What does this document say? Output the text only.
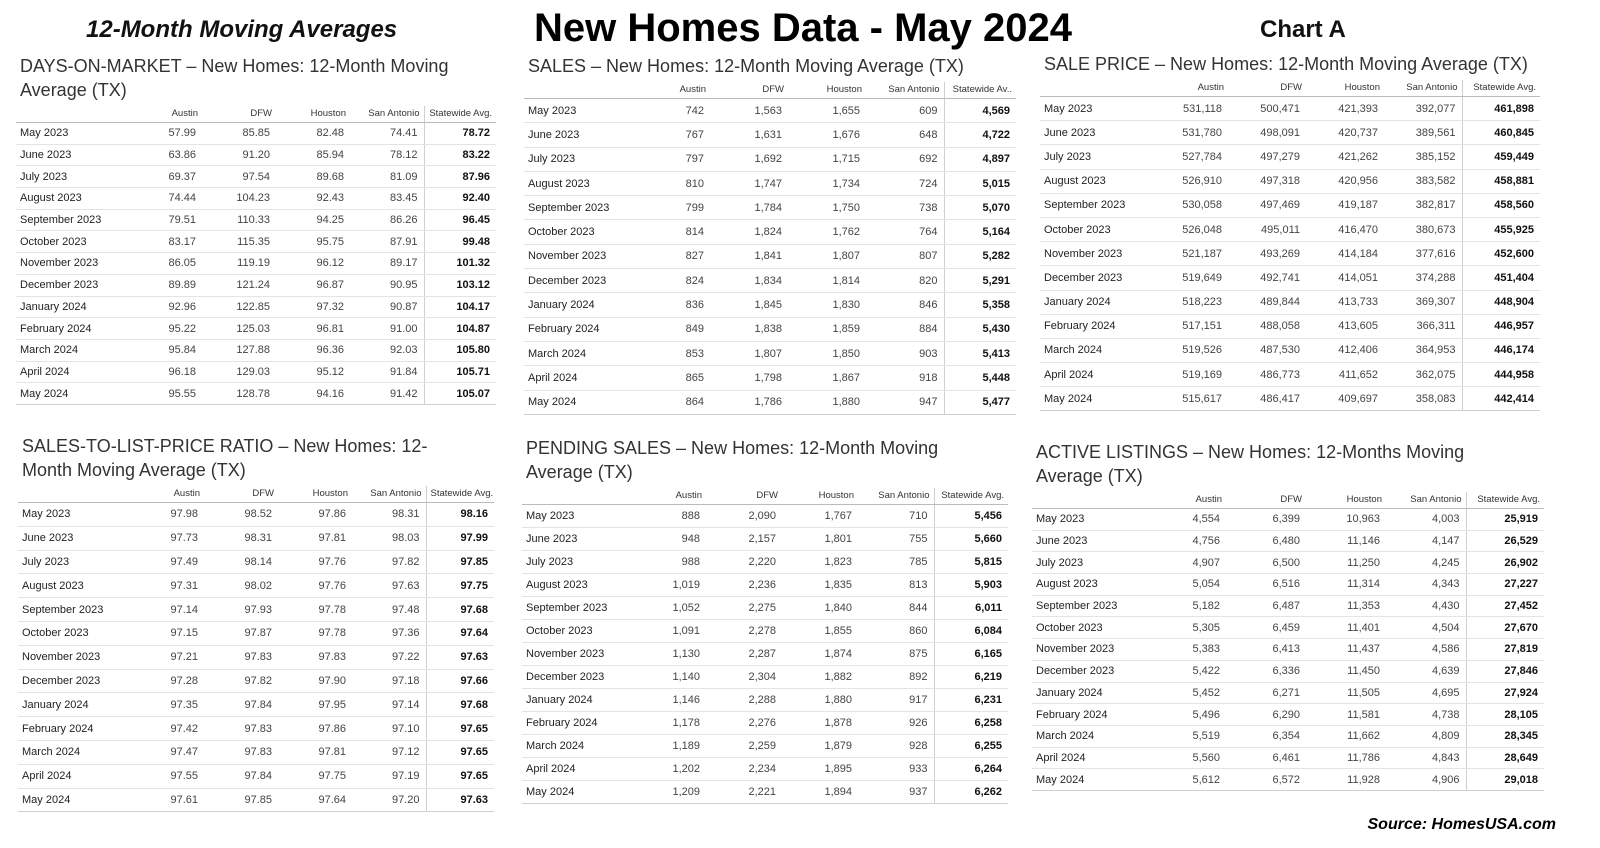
12-Month Moving Averages	New Homes Data - May 2024	Chart A
DAYS-ON-MARKET – New Homes: 12-Month Moving Average (TX)
	Austin	DFW	Houston	San Antonio	Statewide Avg.
May 2023	57.99	85.85	82.48	74.41	78.72
June 2023	63.86	91.20	85.94	78.12	83.22
July 2023	69.37	97.54	89.68	81.09	87.96
August 2023	74.44	104.23	92.43	83.45	92.40
September 2023	79.51	110.33	94.25	86.26	96.45
October 2023	83.17	115.35	95.75	87.91	99.48
November 2023	86.05	119.19	96.12	89.17	101.32
December 2023	89.89	121.24	96.87	90.95	103.12
January 2024	92.96	122.85	97.32	90.87	104.17
February 2024	95.22	125.03	96.81	91.00	104.87
March 2024	95.84	127.88	96.36	92.03	105.80
April 2024	96.18	129.03	95.12	91.84	105.71
May 2024	95.55	128.78	94.16	91.42	105.07
SALES – New Homes: 12-Month Moving Average (TX)
	Austin	DFW	Houston	San Antonio	Statewide Av..
May 2023	742	1,563	1,655	609	4,569
June 2023	767	1,631	1,676	648	4,722
July 2023	797	1,692	1,715	692	4,897
August 2023	810	1,747	1,734	724	5,015
September 2023	799	1,784	1,750	738	5,070
October 2023	814	1,824	1,762	764	5,164
November 2023	827	1,841	1,807	807	5,282
December 2023	824	1,834	1,814	820	5,291
January 2024	836	1,845	1,830	846	5,358
February 2024	849	1,838	1,859	884	5,430
March 2024	853	1,807	1,850	903	5,413
April 2024	865	1,798	1,867	918	5,448
May 2024	864	1,786	1,880	947	5,477
SALE PRICE – New Homes: 12-Month Moving Average (TX)
	Austin	DFW	Houston	San Antonio	Statewide Avg.
May 2023	531,118	500,471	421,393	392,077	461,898
June 2023	531,780	498,091	420,737	389,561	460,845
July 2023	527,784	497,279	421,262	385,152	459,449
August 2023	526,910	497,318	420,956	383,582	458,881
September 2023	530,058	497,469	419,187	382,817	458,560
October 2023	526,048	495,011	416,470	380,673	455,925
November 2023	521,187	493,269	414,184	377,616	452,600
December 2023	519,649	492,741	414,051	374,288	451,404
January 2024	518,223	489,844	413,733	369,307	448,904
February 2024	517,151	488,058	413,605	366,311	446,957
March 2024	519,526	487,530	412,406	364,953	446,174
April 2024	519,169	486,773	411,652	362,075	444,958
May 2024	515,617	486,417	409,697	358,083	442,414
SALES-TO-LIST-PRICE RATIO – New Homes: 12-Month Moving Average (TX)
	Austin	DFW	Houston	San Antonio	Statewide Avg.
May 2023	97.98	98.52	97.86	98.31	98.16
June 2023	97.73	98.31	97.81	98.03	97.99
July 2023	97.49	98.14	97.76	97.82	97.85
August 2023	97.31	98.02	97.76	97.63	97.75
September 2023	97.14	97.93	97.78	97.48	97.68
October 2023	97.15	97.87	97.78	97.36	97.64
November 2023	97.21	97.83	97.83	97.22	97.63
December 2023	97.28	97.82	97.90	97.18	97.66
January 2024	97.35	97.84	97.95	97.14	97.68
February 2024	97.42	97.83	97.86	97.10	97.65
March 2024	97.47	97.83	97.81	97.12	97.65
April 2024	97.55	97.84	97.75	97.19	97.65
May 2024	97.61	97.85	97.64	97.20	97.63
PENDING SALES – New Homes: 12-Month Moving Average (TX)
	Austin	DFW	Houston	San Antonio	Statewide Avg.
May 2023	888	2,090	1,767	710	5,456
June 2023	948	2,157	1,801	755	5,660
July 2023	988	2,220	1,823	785	5,815
August 2023	1,019	2,236	1,835	813	5,903
September 2023	1,052	2,275	1,840	844	6,011
October 2023	1,091	2,278	1,855	860	6,084
November 2023	1,130	2,287	1,874	875	6,165
December 2023	1,140	2,304	1,882	892	6,219
January 2024	1,146	2,288	1,880	917	6,231
February 2024	1,178	2,276	1,878	926	6,258
March 2024	1,189	2,259	1,879	928	6,255
April 2024	1,202	2,234	1,895	933	6,264
May 2024	1,209	2,221	1,894	937	6,262
ACTIVE LISTINGS – New Homes: 12-Months Moving Average (TX)
	Austin	DFW	Houston	San Antonio	Statewide Avg.
May 2023	4,554	6,399	10,963	4,003	25,919
June 2023	4,756	6,480	11,146	4,147	26,529
July 2023	4,907	6,500	11,250	4,245	26,902
August 2023	5,054	6,516	11,314	4,343	27,227
September 2023	5,182	6,487	11,353	4,430	27,452
October 2023	5,305	6,459	11,401	4,504	27,670
November 2023	5,383	6,413	11,437	4,586	27,819
December 2023	5,422	6,336	11,450	4,639	27,846
January 2024	5,452	6,271	11,505	4,695	27,924
February 2024	5,496	6,290	11,581	4,738	28,105
March 2024	5,519	6,354	11,662	4,809	28,345
April 2024	5,560	6,461	11,786	4,843	28,649
May 2024	5,612	6,572	11,928	4,906	29,018
Source: HomesUSA.com
